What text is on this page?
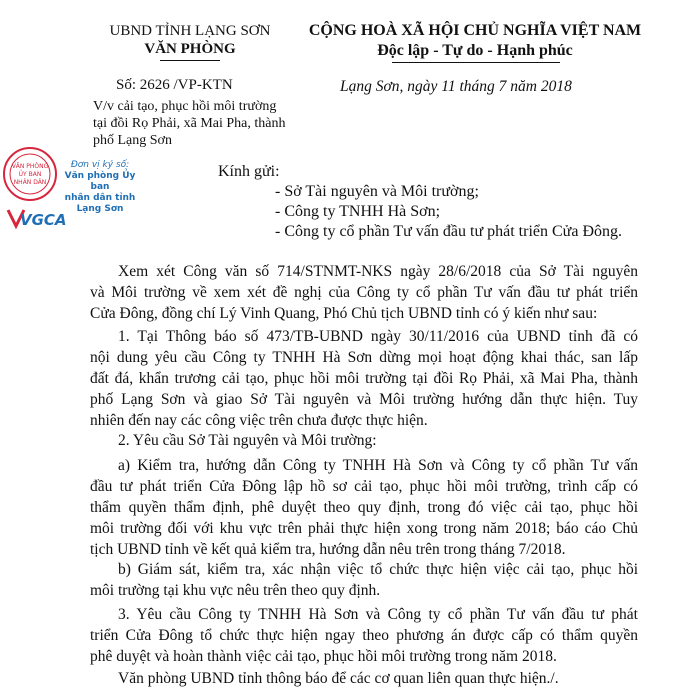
UBND TỈNH LẠNG SƠN
VĂN PHÒNG
Số: 2626 /VP-KTN
V/v cải tạo, phục hồi môi trường
tại đồi Rọ Phải, xã Mai Pha, thành
phố Lạng Sơn
CỘNG HOÀ XÃ HỘI CHỦ NGHĨA VIỆT NAM
Độc lập - Tự do - Hạnh phúc
Lạng Sơn, ngày 11 tháng 7 năm 2018
VĂN PHÒNG
ỦY BAN
NHÂN DÂN
Đơn vị ký số:
Văn phòng Ủy ban
nhân dân tỉnh
Lạng Sơn
VGCA
Kính gửi:
- Sở Tài nguyên và Môi trường;
- Công ty TNHH Hà Sơn;
- Công ty cổ phần Tư vấn đầu tư phát triển Cửa Đông.
Xem xét Công văn số 714/STNMT-NKS ngày 28/6/2018 của Sở Tài nguyên
và Môi trường về xem xét đề nghị của Công ty cổ phần Tư vấn đầu tư phát triển
Cửa Đông, đồng chí Lý Vinh Quang, Phó Chủ tịch UBND tỉnh có ý kiến như sau:
1. Tại Thông báo số 473/TB-UBND ngày 30/11/2016 của UBND tỉnh đã có
nội dung yêu cầu Công ty TNHH Hà Sơn dừng mọi hoạt động khai thác, san lấp
đất đá, khẩn trương cải tạo, phục hồi môi trường tại đồi Rọ Phải, xã Mai Pha, thành
phố Lạng Sơn và giao Sở Tài nguyên và Môi trường hướng dẫn thực hiện. Tuy
nhiên đến nay các công việc trên chưa được thực hiện.
2. Yêu cầu Sở Tài nguyên và Môi trường:
a) Kiểm tra, hướng dẫn Công ty TNHH Hà Sơn và Công ty cổ phần Tư vấn
đầu tư phát triển Cửa Đông lập hồ sơ cải tạo, phục hồi môi trường, trình cấp có
thẩm quyền thẩm định, phê duyệt theo quy định, trong đó việc cải tạo, phục hồi
môi trường đối với khu vực trên phải thực hiện xong trong năm 2018; báo cáo Chủ
tịch UBND tỉnh về kết quả kiểm tra, hướng dẫn nêu trên trong tháng 7/2018.
b) Giám sát, kiểm tra, xác nhận việc tổ chức thực hiện việc cải tạo, phục hồi
môi trường tại khu vực nêu trên theo quy định.
3. Yêu cầu Công ty TNHH Hà Sơn và Công ty cổ phần Tư vấn đầu tư phát
triển Cửa Đông tổ chức thực hiện ngay theo phương án được cấp có thẩm quyền
phê duyệt và hoàn thành việc cải tạo, phục hồi môi trường trong năm 2018.
Văn phòng UBND tỉnh thông báo để các cơ quan liên quan thực hiện./.
